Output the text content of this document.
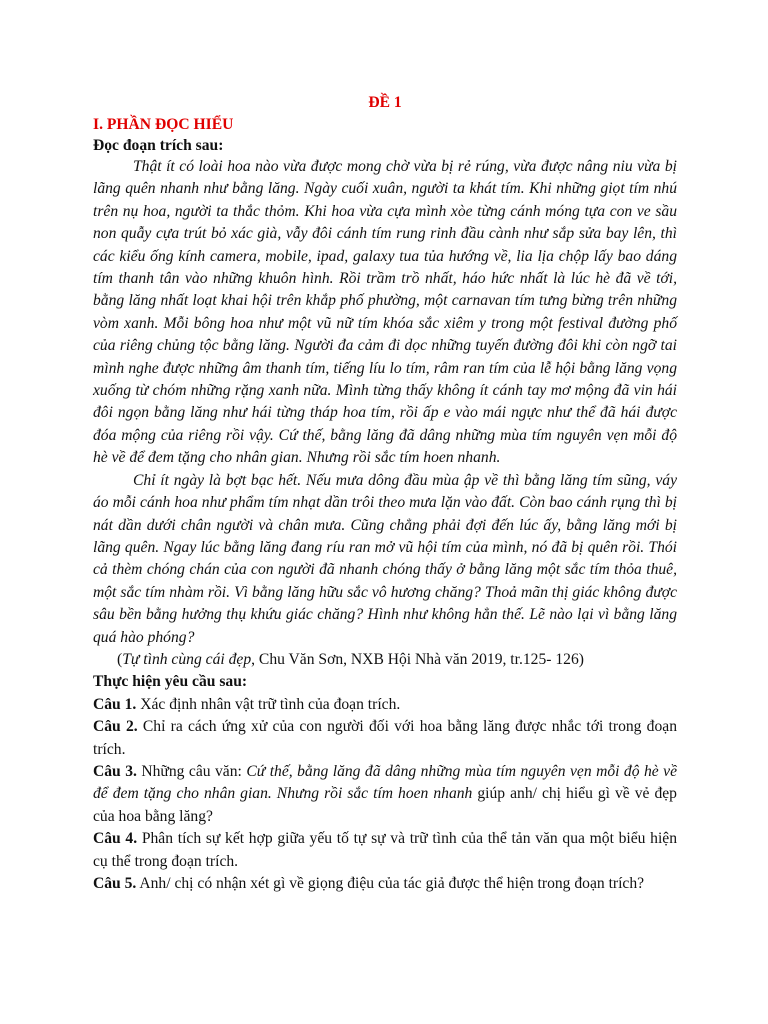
ĐỀ 1
I. PHẦN ĐỌC HIỂU
Đọc đoạn trích sau:

Thật ít có loài hoa nào vừa được mong chờ vừa bị rẻ rúng, vừa được nâng niu vừa bị lãng quên nhanh như bằng lăng. Ngày cuối xuân, người ta khát tím. Khi những giọt tím nhú trên nụ hoa, người ta thắc thỏm. Khi hoa vừa cựa mình xòe từng cánh móng tựa con ve sầu non quẫy cựa trút bỏ xác già, vẫy đôi cánh tím rung rinh đầu cành như sắp sửa bay lên, thì các kiểu ống kính camera, mobile, ipad, galaxy tua tủa hướng về, lia lịa chộp lấy bao dáng tím thanh tân vào những khuôn hình. Rồi trầm trồ nhất, háo hức nhất là lúc hè đã về tới, bằng lăng nhất loạt khai hội trên khắp phố phường, một carnavan tím tưng bừng trên những vòm xanh. Mỗi bông hoa như một vũ nữ tím khóa sắc xiêm y trong một festival đường phố của riêng chủng tộc bằng lăng. Người đa cảm đi dọc những tuyến đường đôi khi còn ngỡ tai mình nghe được những âm thanh tím, tiếng líu lo tím, râm ran tím của lễ hội bằng lăng vọng xuống từ chóm những rặng xanh nữa. Mình từng thấy không ít cánh tay mơ mộng đã vin hái đôi ngọn bằng lăng như hái từng tháp hoa tím, rồi ấp e vào mái ngực như thể đã hái được đóa mộng của riêng rồi vậy. Cứ thế, bằng lăng đã dâng những mùa tím nguyên vẹn mỗi độ hè về để đem tặng cho nhân gian. Nhưng rồi sắc tím hoen nhanh.

Chỉ ít ngày là bợt bạc hết. Nếu mưa dông đầu mùa ập về thì bằng lăng tím sũng, váy áo mỗi cánh hoa như phẩm tím nhạt dần trôi theo mưa lặn vào đất. Còn bao cánh rụng thì bị nát dần dưới chân người và chân mưa. Cũng chẳng phải đợi đến lúc ấy, bằng lăng mới bị lãng quên. Ngay lúc bằng lăng đang ríu ran mở vũ hội tím của mình, nó đã bị quên rồi. Thói cả thèm chóng chán của con người đã nhanh chóng thấy ở bằng lăng một sắc tím thỏa thuê, một sắc tím nhàm rồi. Vì bằng lăng hữu sắc vô hương chăng? Thoả mãn thị giác không được sâu bền bằng hưởng thụ khứu giác chăng? Hình như không hẳn thế. Lẽ nào lại vì bằng lăng quá hào phóng?

(Tự tình cùng cái đẹp, Chu Văn Sơn, NXB Hội Nhà văn 2019, tr.125- 126)

Thực hiện yêu cầu sau:

Câu 1. Xác định nhân vật trữ tình của đoạn trích.

Câu 2. Chỉ ra cách ứng xử của con người đối với hoa bằng lăng được nhắc tới trong đoạn trích.

Câu 3. Những câu văn: Cứ thế, bằng lăng đã dâng những mùa tím nguyên vẹn mỗi độ hè về để đem tặng cho nhân gian. Nhưng rồi sắc tím hoen nhanh giúp anh/ chị hiểu gì về vẻ đẹp của hoa bằng lăng?

Câu 4. Phân tích sự kết hợp giữa yếu tố tự sự và trữ tình của thể tản văn qua một biểu hiện cụ thể trong đoạn trích.

Câu 5. Anh/ chị có nhận xét gì về giọng điệu của tác giả được thể hiện trong đoạn trích?
